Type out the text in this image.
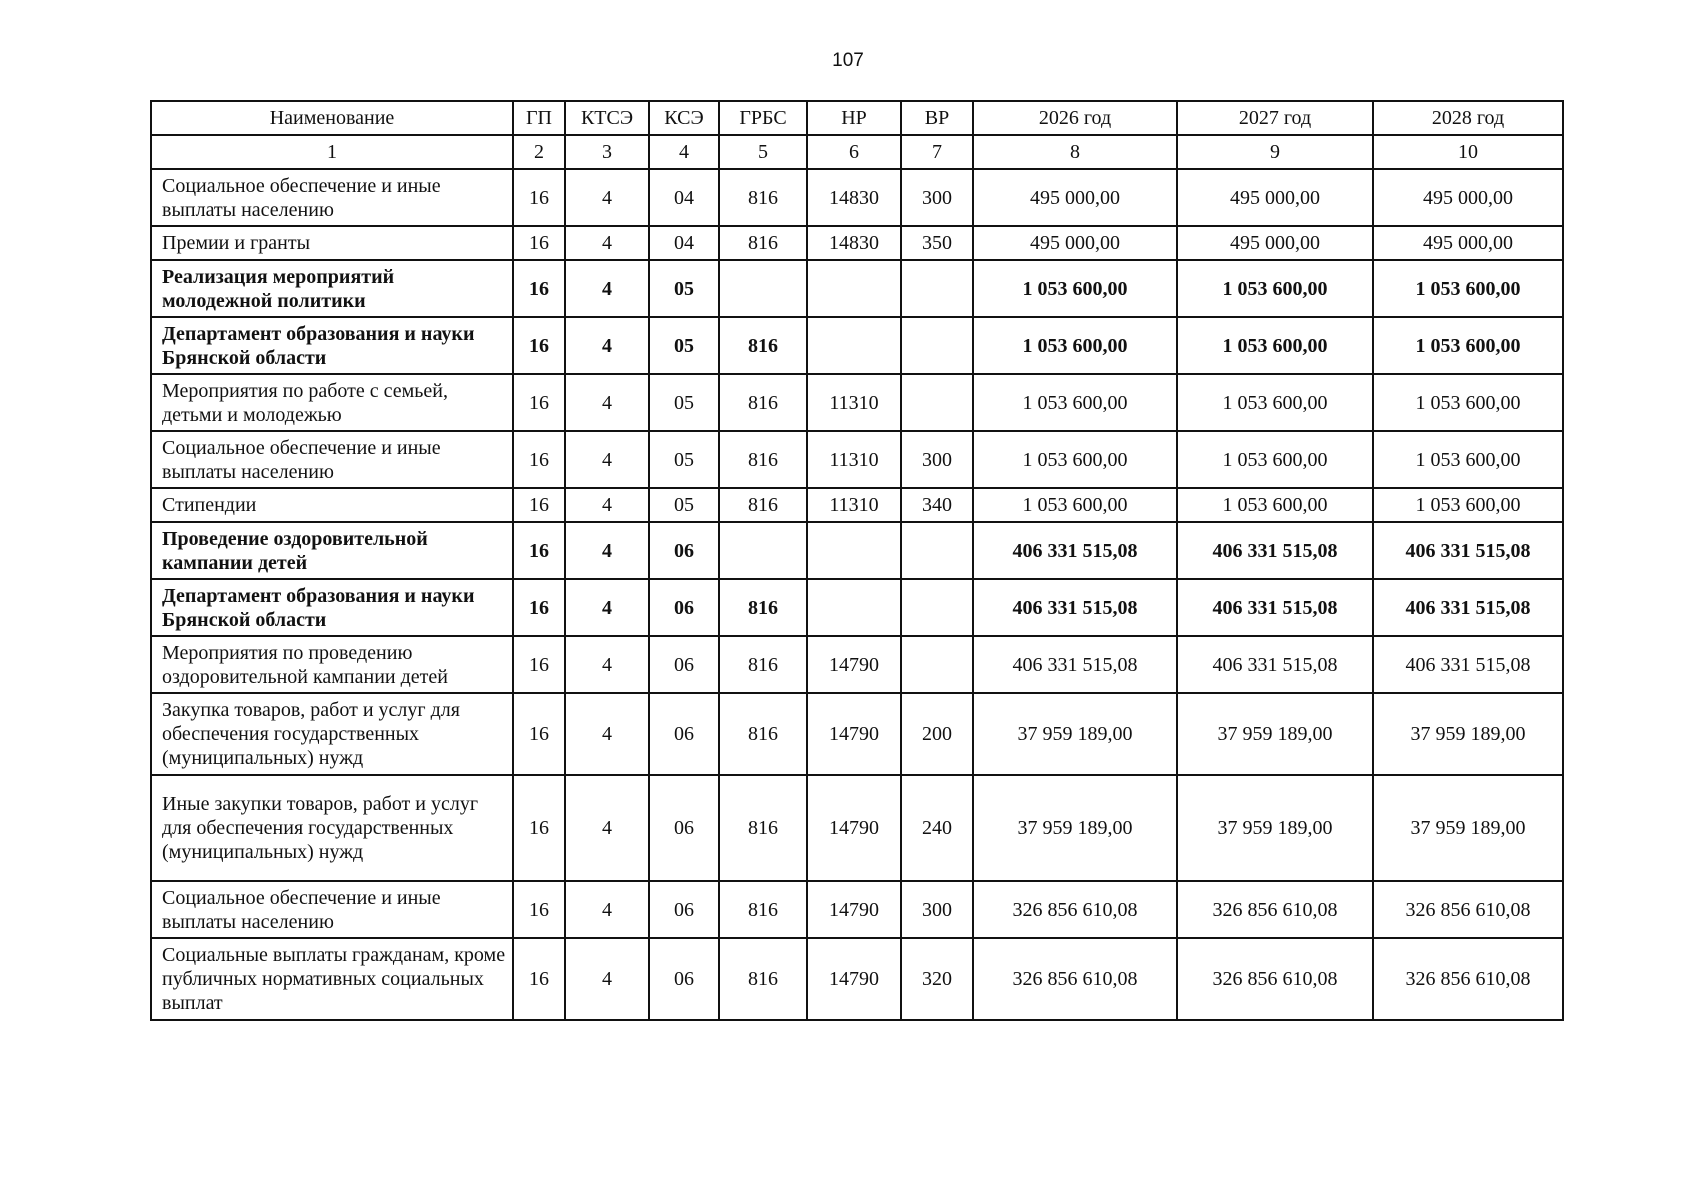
107
Наименование	ГП	КТСЭ	КСЭ	ГРБС	НР	ВР	2026 год	2027 год	2028 год
1	2	3	4	5	6	7	8	9	10
Социальное обеспечение и иные выплаты населению	16	4	04	816	14830	300	495 000,00	495 000,00	495 000,00
Премии и гранты	16	4	04	816	14830	350	495 000,00	495 000,00	495 000,00
Реализация мероприятий молодежной политики	16	4	05				1 053 600,00	1 053 600,00	1 053 600,00
Департамент образования и науки Брянской области	16	4	05	816			1 053 600,00	1 053 600,00	1 053 600,00
Мероприятия по работе с семьей, детьми и молодежью	16	4	05	816	11310		1 053 600,00	1 053 600,00	1 053 600,00
Социальное обеспечение и иные выплаты населению	16	4	05	816	11310	300	1 053 600,00	1 053 600,00	1 053 600,00
Стипендии	16	4	05	816	11310	340	1 053 600,00	1 053 600,00	1 053 600,00
Проведение оздоровительной кампании детей	16	4	06				406 331 515,08	406 331 515,08	406 331 515,08
Департамент образования и науки Брянской области	16	4	06	816			406 331 515,08	406 331 515,08	406 331 515,08
Мероприятия по проведению оздоровительной кампании детей	16	4	06	816	14790		406 331 515,08	406 331 515,08	406 331 515,08
Закупка товаров, работ и услуг для обеспечения государственных (муниципальных) нужд	16	4	06	816	14790	200	37 959 189,00	37 959 189,00	37 959 189,00
Иные закупки товаров, работ и услуг для обеспечения государственных (муниципальных) нужд	16	4	06	816	14790	240	37 959 189,00	37 959 189,00	37 959 189,00
Социальное обеспечение и иные выплаты населению	16	4	06	816	14790	300	326 856 610,08	326 856 610,08	326 856 610,08
Социальные выплаты гражданам, кроме публичных нормативных социальных выплат	16	4	06	816	14790	320	326 856 610,08	326 856 610,08	326 856 610,08
